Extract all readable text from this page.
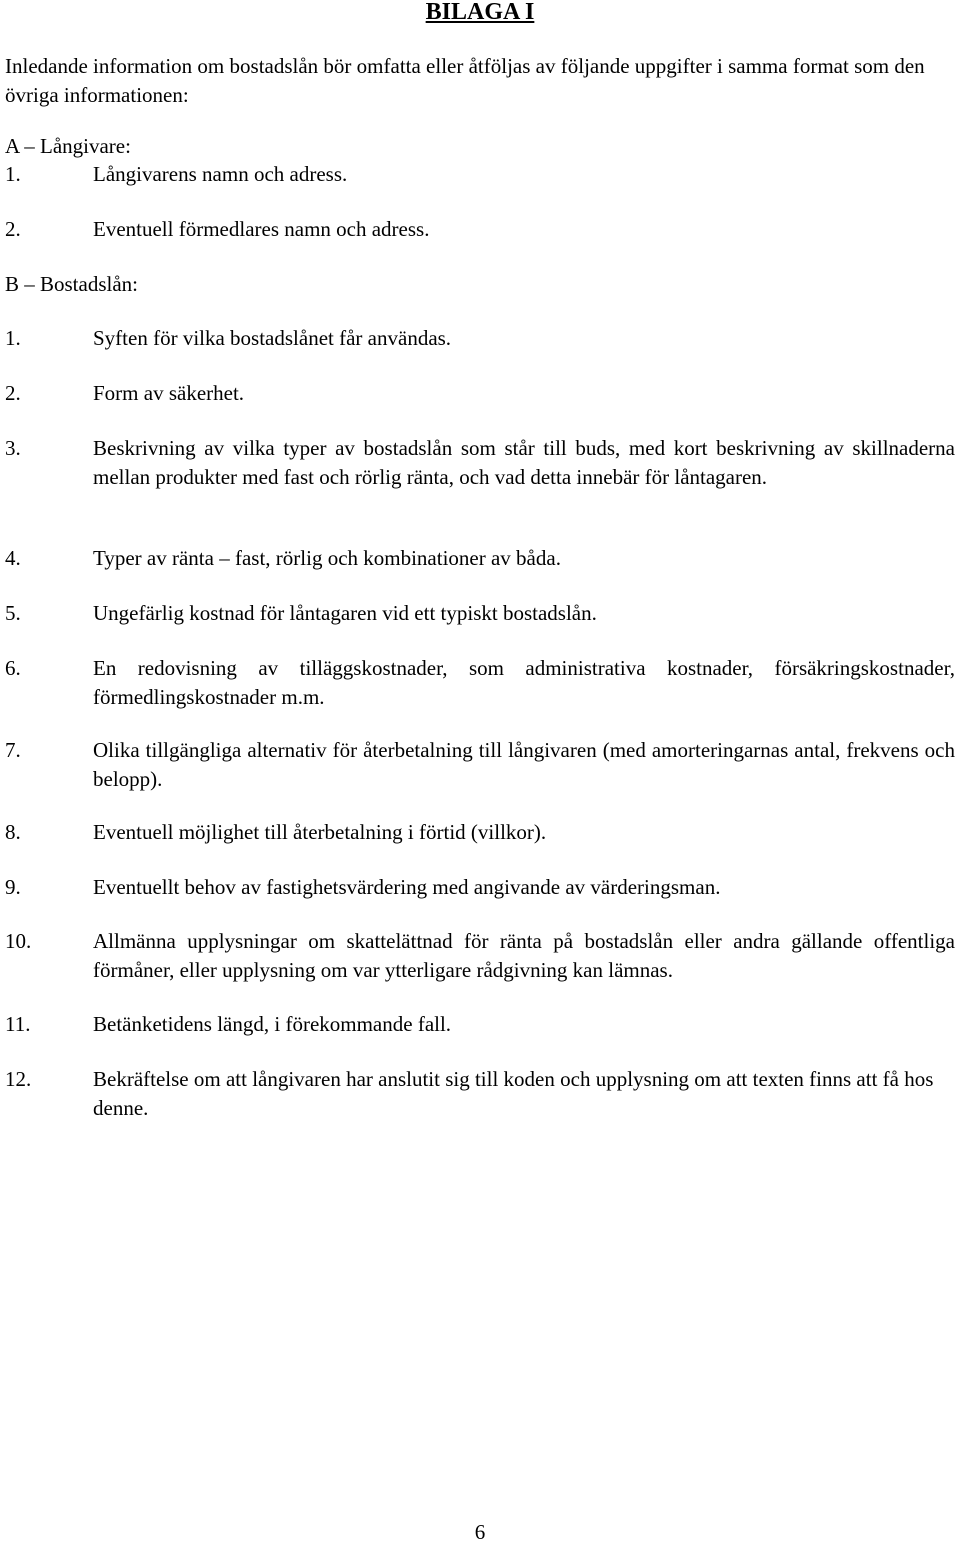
BILAGA I
Inledande information om bostadslån bör omfatta eller åtföljas av följande uppgifter i samma format som den övriga informationen:
A – Långivare:
1.	Långivarens namn och adress.
2.	Eventuell förmedlares namn och adress.
B – Bostadslån:
1.	Syften för vilka bostadslånet får användas.
2.	Form av säkerhet.
3.	Beskrivning av vilka typer av bostadslån som står till buds, med kort beskrivning av skillnaderna mellan produkter med fast och rörlig ränta, och vad detta innebär för låntagaren.
4.	Typer av ränta – fast, rörlig och kombinationer av båda.
5.	Ungefärlig kostnad för låntagaren vid ett typiskt bostadslån.
6.	En redovisning av tilläggskostnader, som administrativa kostnader, försäkringskostnader, förmedlingskostnader m.m.
7.	Olika tillgängliga alternativ för återbetalning till långivaren (med amorteringarnas antal, frekvens och belopp).
8.	Eventuell möjlighet till återbetalning i förtid (villkor).
9.	Eventuellt behov av fastighetsvärdering med angivande av värderingsman.
10.	Allmänna upplysningar om skattelättnad för ränta på bostadslån eller andra gällande offentliga förmåner, eller upplysning om var ytterligare rådgivning kan lämnas.
11.	Betänketidens längd, i förekommande fall.
12.	Bekräftelse om att långivaren har anslutit sig till koden och upplysning om att texten finns att få hos denne.
6
